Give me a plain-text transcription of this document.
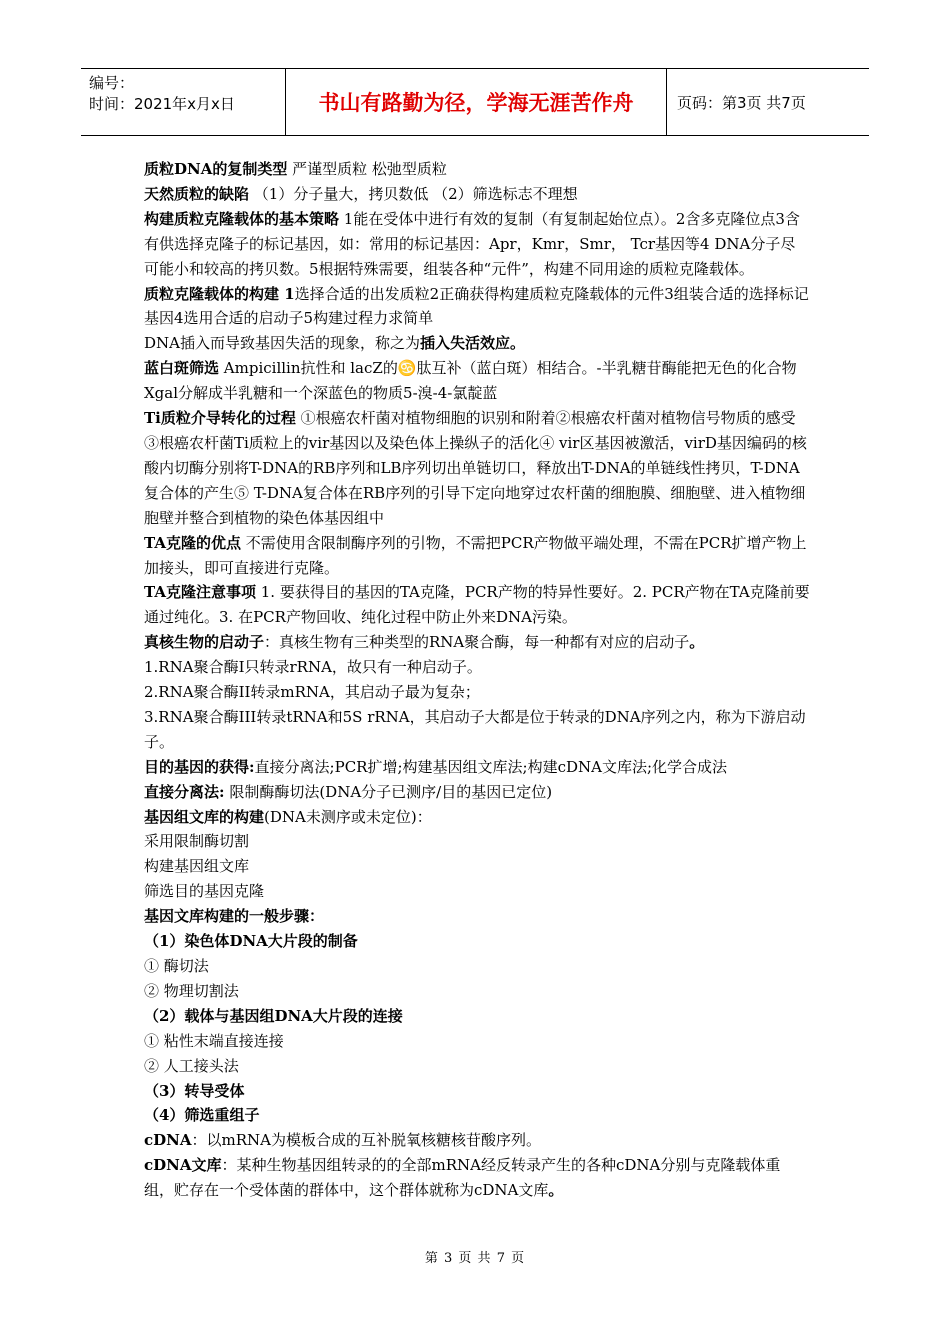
编号：
时间：2021年x月x日	书山有路勤为径，学海无涯苦作舟	页码：第3页 共7页

质粒DNA的复制类型 严谨型质粒 松弛型质粒

天然质粒的缺陷 （1）分子量大，拷贝数低 （2）筛选标志不理想

构建质粒克隆载体的基本策略 1能在受体中进行有效的复制（有复制起始位点）。2含多克隆位点3含有供选择克隆子的标记基因，如：常用的标记基因：Apr，Kmr，Smr， Tcr基因等4 DNA分子尽可能小和较高的拷贝数。5根据特殊需要，组装各种“元件”，构建不同用途的质粒克隆载体。

质粒克隆载体的构建 1选择合适的出发质粒2正确获得构建质粒克隆载体的元件3组装合适的选择标记基因4选用合适的启动子5构建过程力求简单

DNA插入而导致基因失活的现象，称之为插入失活效应。

蓝白斑筛选 Ampicillin抗性和 lacZ的♋肽互补（蓝白斑）相结合。-半乳糖苷酶能把无色的化合物Xgal分解成半乳糖和一个深蓝色的物质5-溴-4-氯靛蓝

Ti质粒介导转化的过程 ①根癌农杆菌对植物细胞的识别和附着②根癌农杆菌对植物信号物质的感受③根癌农杆菌Ti质粒上的vir基因以及染色体上操纵子的活化④ vir区基因被激活，virD基因编码的核酸内切酶分别将T-DNA的RB序列和LB序列切出单链切口，释放出T-DNA的单链线性拷贝，T-DNA复合体的产生⑤ T-DNA复合体在RB序列的引导下定向地穿过农杆菌的细胞膜、细胞壁、进入植物细胞壁并整合到植物的染色体基因组中

TA克隆的优点 不需使用含限制酶序列的引物，不需把PCR产物做平端处理，不需在PCR扩增产物上加接头，即可直接进行克隆。

TA克隆注意事项 1. 要获得目的基因的TA克隆，PCR产物的特异性要好。2. PCR产物在TA克隆前要通过纯化。3. 在PCR产物回收、纯化过程中防止外来DNA污染。

真核生物的启动子：真核生物有三种类型的RNA聚合酶，每一种都有对应的启动子。

1.RNA聚合酶I只转录rRNA，故只有一种启动子。

2.RNA聚合酶II转录mRNA，其启动子最为复杂；

3.RNA聚合酶III转录tRNA和5S rRNA，其启动子大都是位于转录的DNA序列之内，称为下游启动子。

目的基因的获得:直接分离法;PCR扩增;构建基因组文库法;构建cDNA文库法;化学合成法

直接分离法: 限制酶酶切法(DNA分子已测序/目的基因已定位)

基因组文库的构建(DNA未测序或未定位)：

采用限制酶切割

构建基因组文库

筛选目的基因克隆

基因文库构建的一般步骤：

（1）染色体DNA大片段的制备

① 酶切法

② 物理切割法

（2）载体与基因组DNA大片段的连接

① 粘性末端直接连接

② 人工接头法

（3）转导受体

（4）筛选重组子

cDNA：以mRNA为模板合成的互补脱氧核糖核苷酸序列。

cDNA文库：某种生物基因组转录的的全部mRNA经反转录产生的各种cDNA分别与克隆载体重组，贮存在一个受体菌的群体中，这个群体就称为cDNA文库。

第 3 页 共 7 页
